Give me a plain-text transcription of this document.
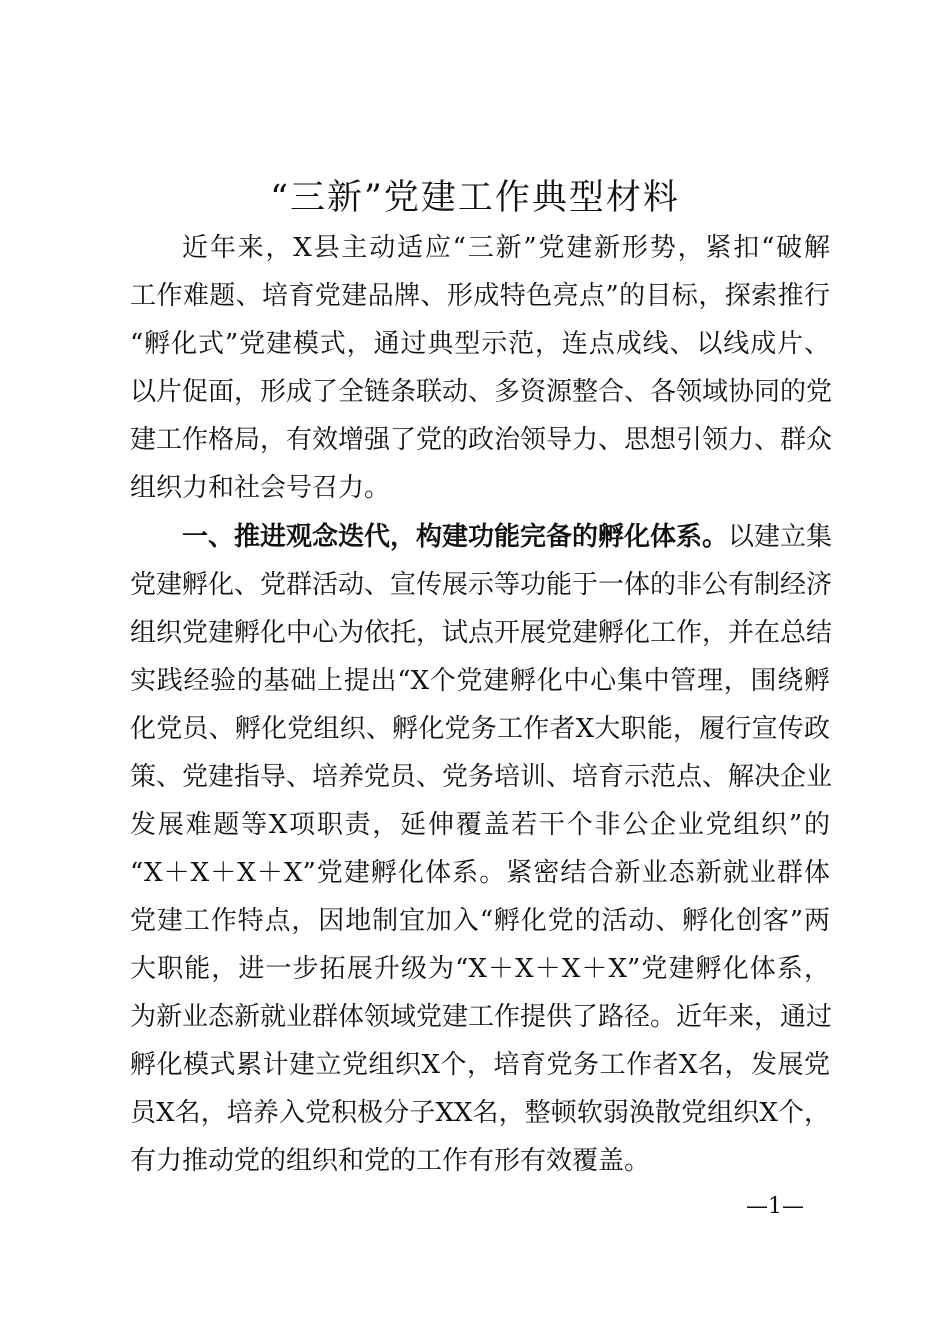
“三新”党建工作典型材料

近年来，X县主动适应“三新”党建新形势，紧扣“破解

工作难题、培育党建品牌、形成特色亮点”的目标，探索推行

“孵化式”党建模式，通过典型示范，连点成线、以线成片、

以片促面，形成了全链条联动、多资源整合、各领域协同的党

建工作格局，有效增强了党的政治领导力、思想引领力、群众

组织力和社会号召力。

一、推进观念迭代，构建功能完备的孵化体系。以建立集

党建孵化、党群活动、宣传展示等功能于一体的非公有制经济

组织党建孵化中心为依托，试点开展党建孵化工作，并在总结

实践经验的基础上提出“X个党建孵化中心集中管理，围绕孵

化党员、孵化党组织、孵化党务工作者X大职能，履行宣传政

策、党建指导、培养党员、党务培训、培育示范点、解决企业

发展难题等X项职责，延伸覆盖若干个非公企业党组织”的

“X＋X＋X＋X”党建孵化体系。紧密结合新业态新就业群体

党建工作特点，因地制宜加入“孵化党的活动、孵化创客”两

大职能，进一步拓展升级为“X＋X＋X＋X”党建孵化体系，

为新业态新就业群体领域党建工作提供了路径。近年来，通过

孵化模式累计建立党组织X个，培育党务工作者X名，发展党

员X名，培养入党积极分子XX名，整顿软弱涣散党组织X个，

有力推动党的组织和党的工作有形有效覆盖。

—1—
